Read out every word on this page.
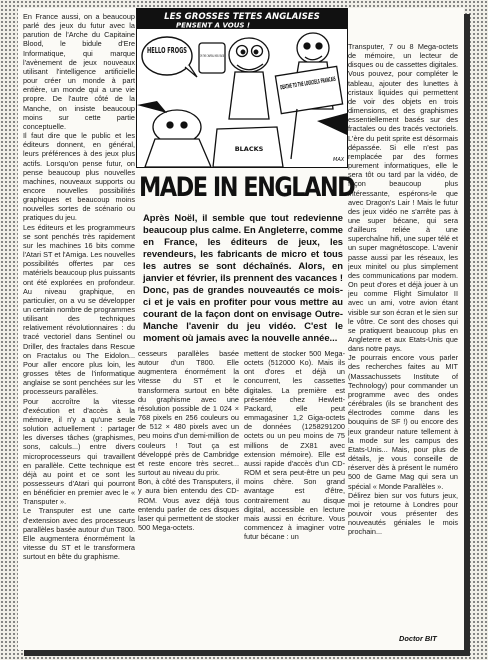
En France aussi, on a beaucoup parlé des jeux du futur avec la parution de l'Arche du Capitaine Blood, le bidule d'Ere Informatique, qui marque l'avènement de jeux nouveaux utilisant l'intelligence artificielle pour créer un monde à part entière, un monde qui a une vie propre. De l'autre côté de la Manche, on insiste beaucoup moins sur cette partie conceptuelle.

Il faut dire que le public et les éditeurs donnent, en général, leurs préférences à des jeux plus actifs. Lorsqu'on pense futur, on pense beaucoup plus nouvelles machines, nouveaux supports ou encore nouvelles possibilités graphiques et beaucoup moins nouvelles sortes de scénario ou pratiques du jeu.

Les éditeurs et les programmeurs se sont penchés très rapidement sur les machines 16 bits comme l'Atari ST et l'Amiga. Les nouvelles possibilités offertes par ces matériels beaucoup plus puissants ont été explorées en profondeur. Au niveau graphique, en particulier, on a vu se développer un certain nombre de programmes utilisant des techniques relativement révolutionnaires : du tracé vectoriel dans Sentinel ou Driller, des fractales dans Rescue on Fractalus ou The Eidolon... Pour aller encore plus loin, les grosses têtes de l'informatique anglaise se sont penchées sur les processeurs parallèles.

Pour accroître la vitesse d'exécution et d'accès à la mémoire, il n'y a qu'une seule solution actuellement : partager les diverses tâches (graphismes, sons, calculs...) entre divers microprocesseurs qui travaillent en parallèle. Cette technique est déjà au point et ce sont les possesseurs d'Atari qui pourront en bénéficier en premier avec le « Transputer ».

Le Transputer est une carte d'extension avec des processeurs parallèles basée autour d'un T800. Elle augmentera énormément la vitesse du ST et le transformera surtout en bête du graphisme.

LES GROSSES TETES ANGLAISES
PENSENT A VOUS !
HELLO FROGS
OR THE CHAPEAU MOU SNOB
BLACKS
MAX
MADE IN ENGLAND
Après Noël, il semble que tout redevienne beaucoup plus calme. En Angleterre, comme en France, les éditeurs de jeux, les revendeurs, les fabricants de micro et tous les autres se sont déchaînés. Alors, en janvier et février, ils prennent des vacances ! Donc, pas de grandes nouveautés ce mois-ci et je vais en profiter pour vous mettre au courant de la façon dont on envisage Outre-Manche l'avenir du jeu vidéo. C'est le moment où jamais avec la nouvelle année...

cesseurs parallèles basée autour d'un T800. Elle augmentera énormément la vitesse du ST et le transformera surtout en bête du graphisme avec une résolution possible de 1 024 × 768 pixels en 256 couleurs ou de 512 × 480 pixels avec un peu moins d'un demi-million de couleurs ! Tout ça est développé près de Cambridge et reste encore très secret... surtout au niveau du prix.

Bon, à côté des Transputers, il y aura bien entendu des CD-ROM. Vous avez déjà tous entendu parler de ces disques laser qui permettent de stocker 500 Mega-octets.

mettent de stocker 500 Mega-octets (512000 Ko). Mais ils ont d'ores et déjà un concurrent, les cassettes digitales. La première est présentée chez Hewlett-Packard, elle peut emmagasiner 1,2 Giga-octets de données (1258291200 octets ou un peu moins de 75 millions de ZX81 avec extension mémoire). Elle est aussi rapide d'accès d'un CD-ROM et sera peut-être un peu moins chère. Son grand avantage est d'être, contrairement au disque digital, accessible en lecture mais aussi en écriture. Vous commencez à imaginer votre futur bécane : un

Transputer, 7 ou 8 Mega-octets de mémoire, un lecteur de disques ou de cassettes digitales. Vous pouvez, pour compléter le tableau, ajouter des lunettes à cristaux liquides qui permettent de voir des objets en trois dimensions, et des graphismes essentiellement basés sur des fractales ou des tracés vectoriels. L'ère du petit sprite est désormais dépassée. Si elle n'est pas remplacée par des formes purement informatiques, elle le sera tôt ou tard par la vidéo, de façon beaucoup plus intéressante, espérons-le que avec Dragon's Lair ! Mais le futur des jeux vidéo ne s'arrête pas à une super bécane, qui sera d'ailleurs reliée à une superchaîne hifi, une super télé et un super magnétoscope. L'avenir passe aussi par les réseaux, les jeux minitel ou plus simplement des communications par modem. On peut d'ores et déjà jouer à un jeu comme Flight Simulator II avec un ami, votre avion étant visible sur son écran et le sien sur le vôtre. Ce sont des choses qui se pratiquent beaucoup plus en Angleterre et aux Etats-Unis que dans notre pays.

Je pourrais encore vous parler des recherches faites au MIT (Massachussets Institute of Technology) pour commander un programme avec des ondes cérébrales (ils se branchent des électrodes comme dans les bouquins de SF !) ou encore des jeux grandeur nature tellement à la mode sur les campus des Etats-Unis... Mais, pour plus de détails, je vous conseille de réserver dès à présent le numéro 500 de Game Mag qui sera un spécial « Monde Parallèles ».

Délirez bien sur vos futurs jeux, moi je retourne à Londres pour pouvoir vous présenter des nouveautés géniales le mois prochain...

Doctor BIT
